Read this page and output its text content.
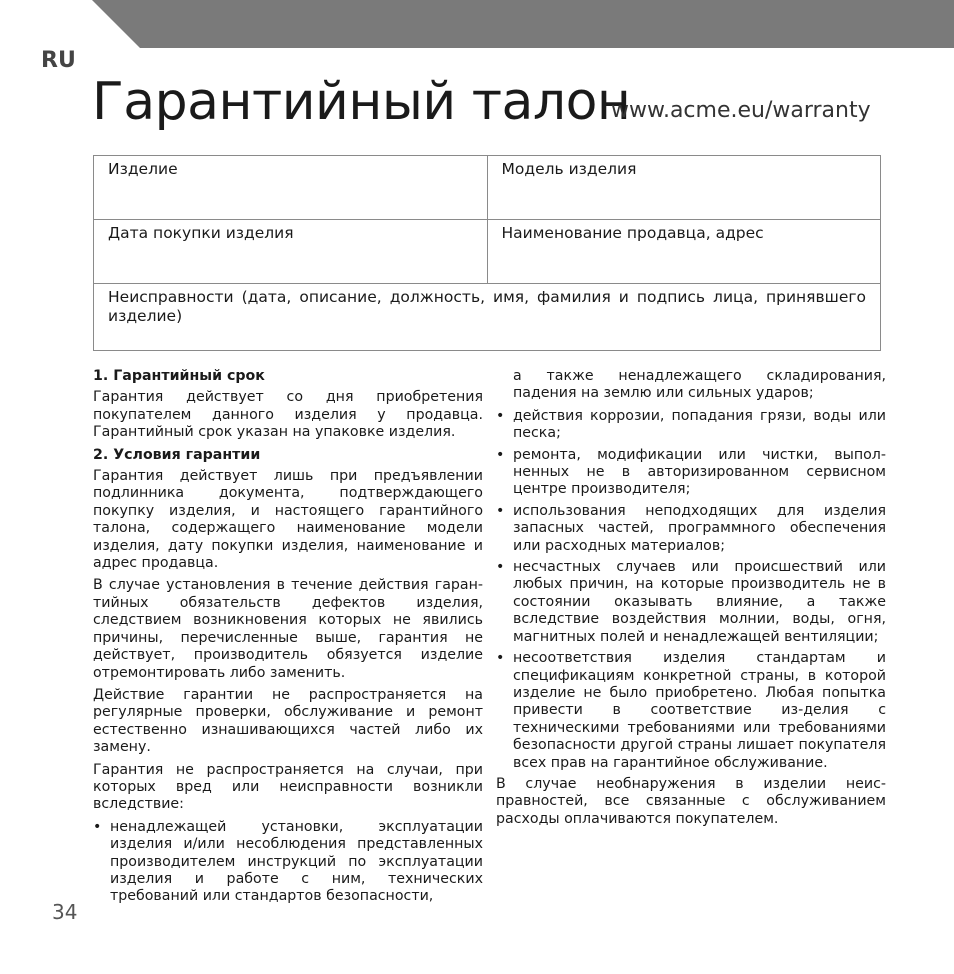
RU
Гарантийный талон
www.acme.eu/warranty
Изделие	Модель изделия
Дата покупки изделия	Наименование продавца, адрес
Неисправности (дата, описание, должность, имя, фамилия и подпись лица, принявшего изделие)	
1. Гарантийный срок

Гарантия действует со дня приобретения покупателем данного изделия у продавца. Гарантийный срок указан на упаковке изделия.

2. Условия гарантии

Гарантия действует лишь при предъявлении подлинника документа, подтверждающего покупку изделия, и настоящего гарантийного талона, содержащего наименование модели изделия, дату покупки изделия, наименование и адрес продавца.

В случае установления в течение действия гаран-тийных обязательств дефектов изделия, следствием возникновения которых не явились причины, перечисленные выше, гарантия не действует, производитель обязуется изделие отремонтировать либо заменить.

Действие гарантии не распространяется на регулярные проверки, обслуживание и ремонт естественно изнашивающихся частей либо их замену.

Гарантия не распространяется на случаи, при которых вред или неисправности возникли вследствие:

• ненадлежащей установки, эксплуатации изделия и/или несоблюдения представленных производителем инструкций по эксплуатации изделия и работе с ним, технических требований или стандартов безопасности,

а также ненадлежащего складирования, падения на землю или сильных ударов;

• действия коррозии, попадания грязи, воды или песка;
• ремонта, модификации или чистки, выпол-ненных не в авторизированном сервисном центре производителя;
• использования неподходящих для изделия запасных частей, программного обеспечения или расходных материалов;
• несчастных случаев или происшествий или любых причин, на которые производитель не в состоянии оказывать влияние, а также вследствие воздействия молнии, воды, огня, магнитных полей и ненадлежащей вентиляции;
• несоответствия изделия стандартам и спецификациям конкретной страны, в которой изделие не было приобретено. Любая попытка привести в соответствие из-делия с техническими требованиями или требованиями безопасности другой страны лишает покупателя всех прав на гарантийное обслуживание.

В случае необнаружения в изделии неис-правностей, все связанные с обслуживанием расходы оплачиваются покупателем.

34
